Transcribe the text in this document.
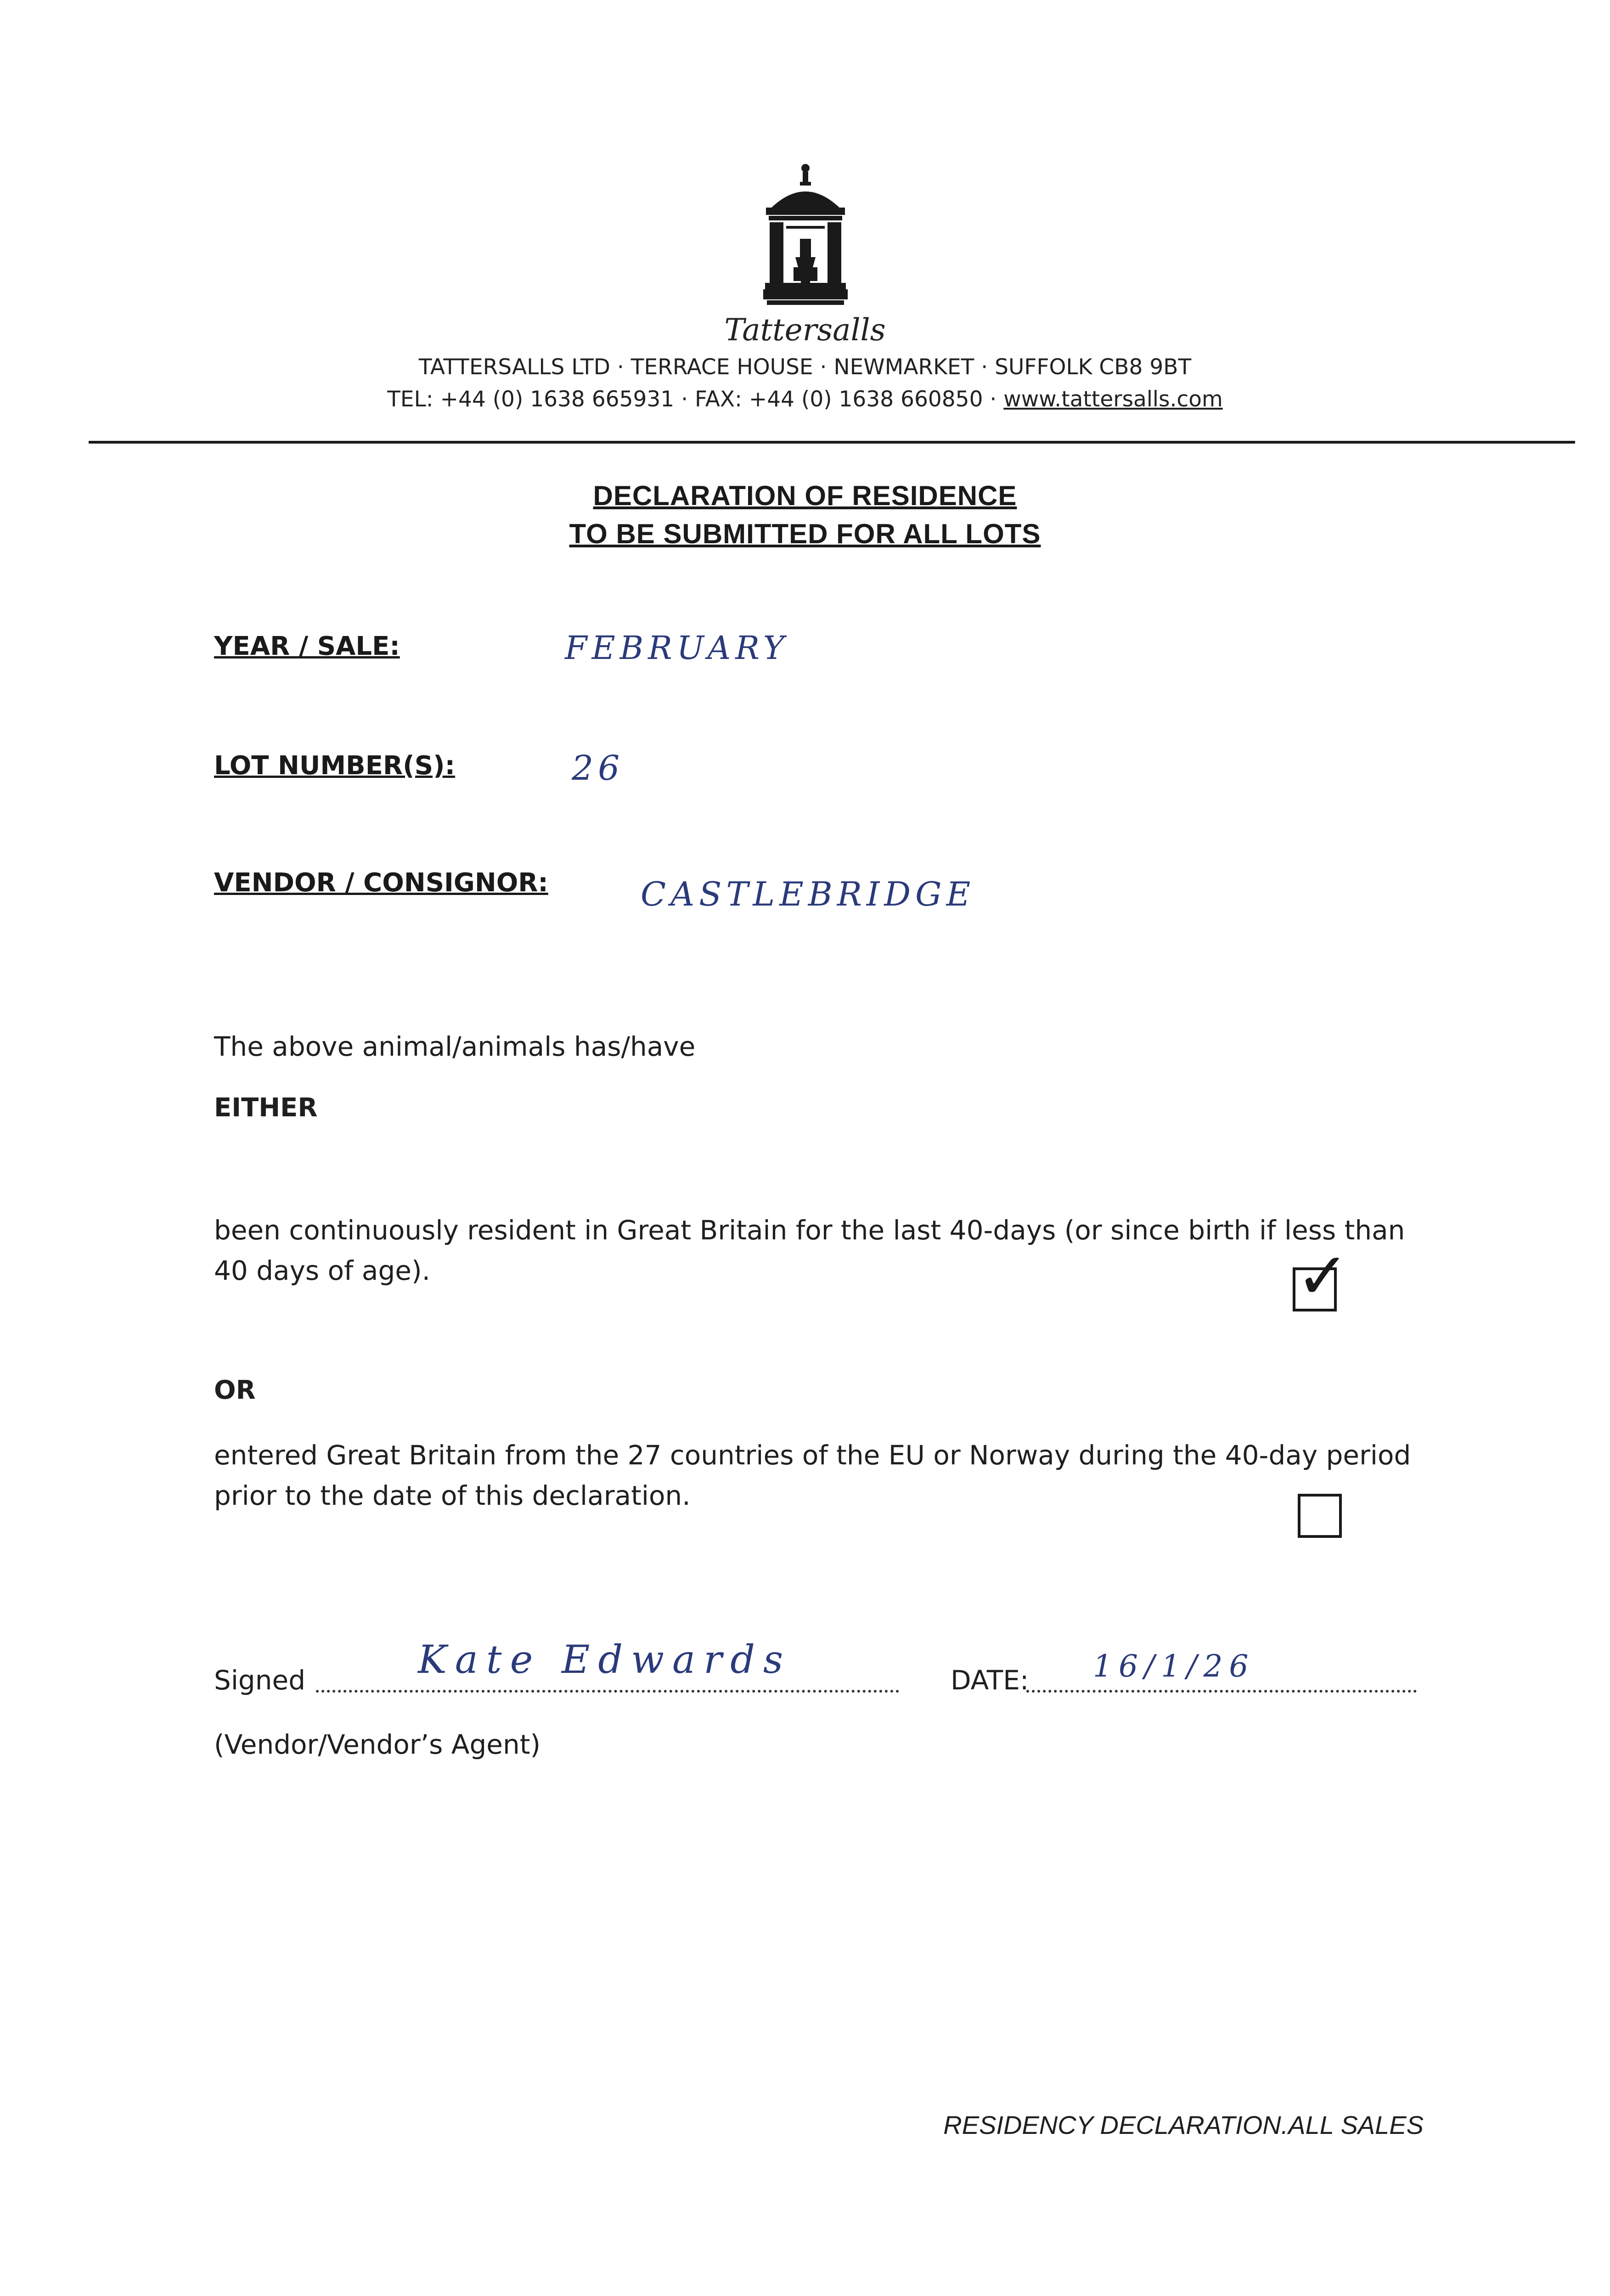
Tattersalls
TATTERSALLS LTD · TERRACE HOUSE · NEWMARKET · SUFFOLK CB8 9BT
TEL: +44 (0) 1638 665931 · FAX: +44 (0) 1638 660850 · www.tattersalls.com
DECLARATION OF RESIDENCE
TO BE SUBMITTED FOR ALL LOTS
YEAR / SALE:	FEBRUARY
LOT NUMBER(S):	26
VENDOR / CONSIGNOR:	CASTLEBRIDGE
The above animal/animals has/have
EITHER
been continuously resident in Great Britain for the last 40-days (or since birth if less than 40 days of age).	✓
OR
entered Great Britain from the 27 countries of the EU or Norway during the 40-day period prior to the date of this declaration.
Signed	Kate Edwards	DATE: 16/1/26
(Vendor/Vendor’s Agent)
RESIDENCY DECLARATION.ALL SALES
